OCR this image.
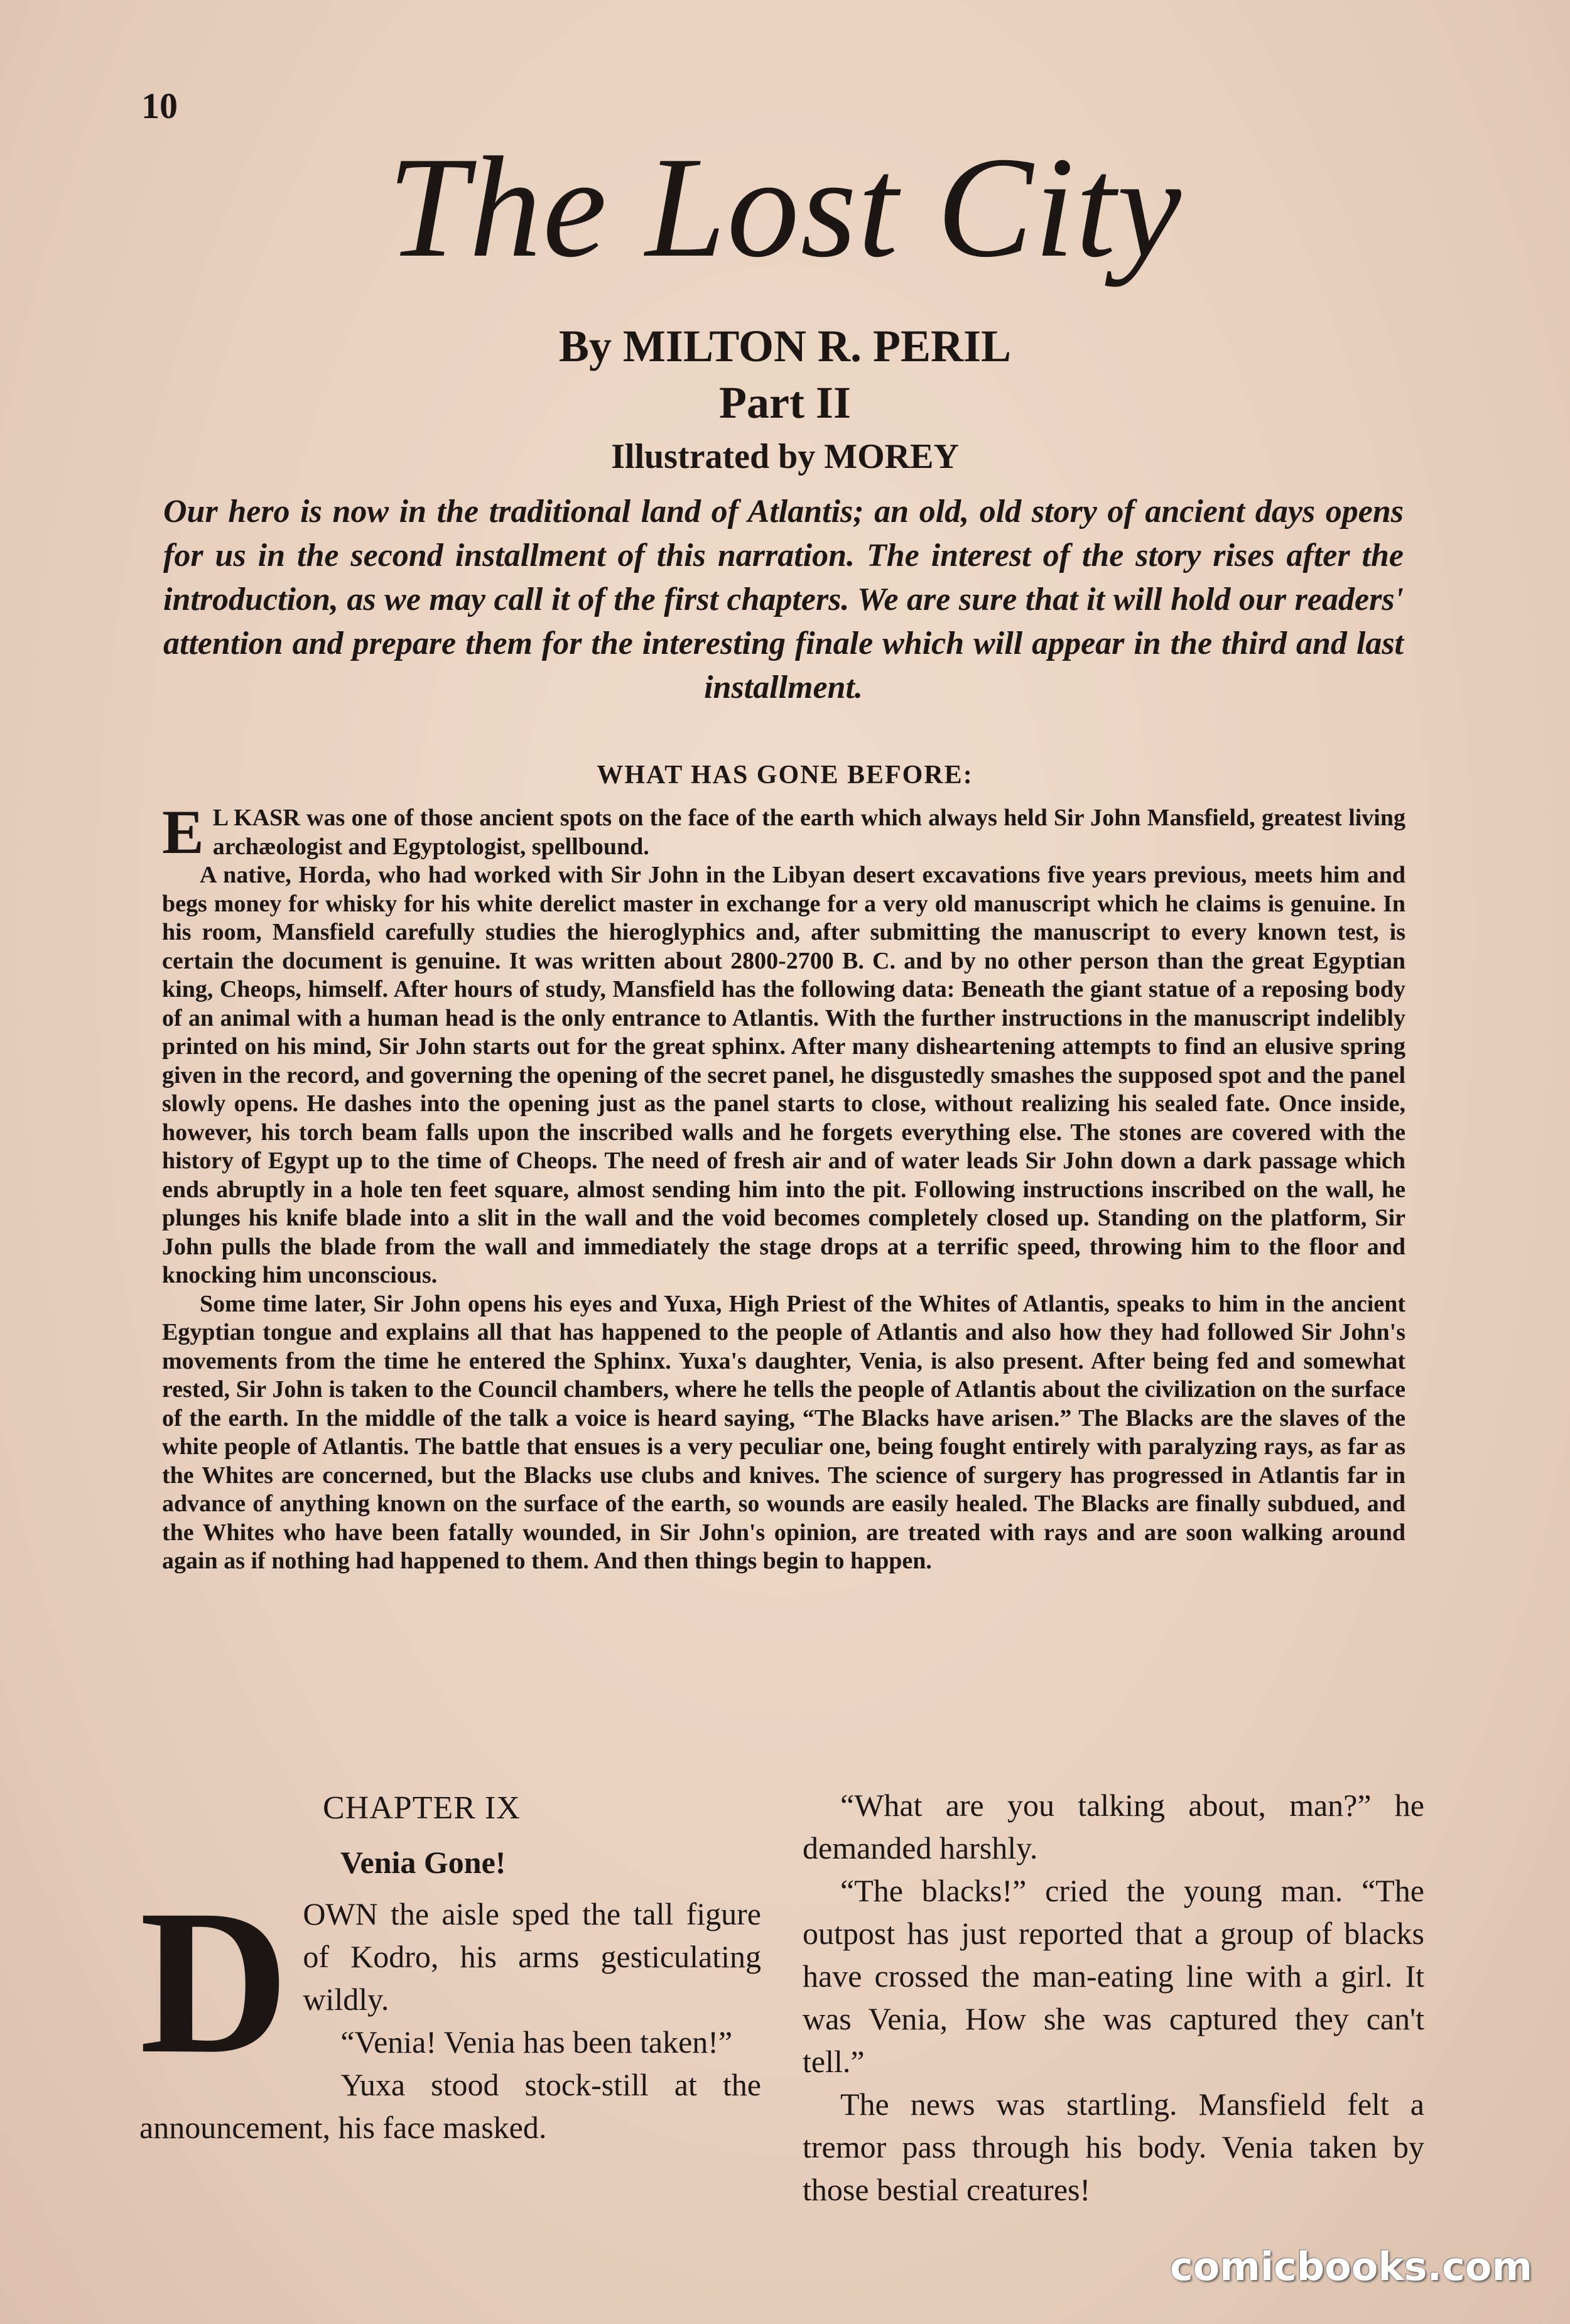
10
The Lost City
By MILTON R. PERIL
Part II
Illustrated by MOREY
Our hero is now in the traditional land of Atlantis; an old, old story of ancient days opens for us in the second installment of this narration. The interest of the story rises after the introduction, as we may call it of the first chapters. We are sure that it will hold our readers' attention and prepare them for the interesting finale which will appear in the third and last installment.
WHAT HAS GONE BEFORE:

E L KASR was one of those ancient spots on the face of the earth which always held Sir John Mansfield, greatest living archæologist and Egyptologist, spellbound.

A native, Horda, who had worked with Sir John in the Libyan desert excavations five years previous, meets him and begs money for whisky for his white derelict master in exchange for a very old manuscript which he claims is genuine. In his room, Mansfield carefully studies the hieroglyphics and, after submitting the manuscript to every known test, is certain the document is genuine. It was written about 2800-2700 B. C. and by no other person than the great Egyptian king, Cheops, himself. After hours of study, Mansfield has the following data: Beneath the giant statue of a reposing body of an animal with a human head is the only entrance to Atlantis. With the further instructions in the manuscript indelibly printed on his mind, Sir John starts out for the great sphinx. After many disheartening attempts to find an elusive spring given in the record, and governing the opening of the secret panel, he disgustedly smashes the supposed spot and the panel slowly opens. He dashes into the opening just as the panel starts to close, without realizing his sealed fate. Once inside, however, his torch beam falls upon the inscribed walls and he forgets everything else. The stones are covered with the history of Egypt up to the time of Cheops. The need of fresh air and of water leads Sir John down a dark passage which ends abruptly in a hole ten feet square, almost sending him into the pit. Following instructions inscribed on the wall, he plunges his knife blade into a slit in the wall and the void becomes completely closed up. Standing on the platform, Sir John pulls the blade from the wall and immediately the stage drops at a terrific speed, throwing him to the floor and knocking him unconscious.

Some time later, Sir John opens his eyes and Yuxa, High Priest of the Whites of Atlantis, speaks to him in the ancient Egyptian tongue and explains all that has happened to the people of Atlantis and also how they had followed Sir John's movements from the time he entered the Sphinx. Yuxa's daughter, Venia, is also present. After being fed and somewhat rested, Sir John is taken to the Council chambers, where he tells the people of Atlantis about the civilization on the surface of the earth. In the middle of the talk a voice is heard saying, “The Blacks have arisen.” The Blacks are the slaves of the white people of Atlantis. The battle that ensues is a very peculiar one, being fought entirely with paralyzing rays, as far as the Whites are concerned, but the Blacks use clubs and knives. The science of surgery has progressed in Atlantis far in advance of anything known on the surface of the earth, so wounds are easily healed. The Blacks are finally subdued, and the Whites who have been fatally wounded, in Sir John's opinion, are treated with rays and are soon walking around again as if nothing had happened to them. And then things begin to happen.

CHAPTER IX
Venia Gone!

DOWN the aisle sped the tall figure of Kodro, his arms gesticulating wildly.

“Venia! Venia has been taken!”

Yuxa stood stock-still at the announcement, his face masked.

“What are you talking about, man?” he demanded harshly.

“The blacks!” cried the young man. “The outpost has just reported that a group of blacks have crossed the man-eating line with a girl. It was Venia, How she was captured they can't tell.”

The news was startling. Mansfield felt a tremor pass through his body. Venia taken by those bestial creatures!

comicbooks.com
